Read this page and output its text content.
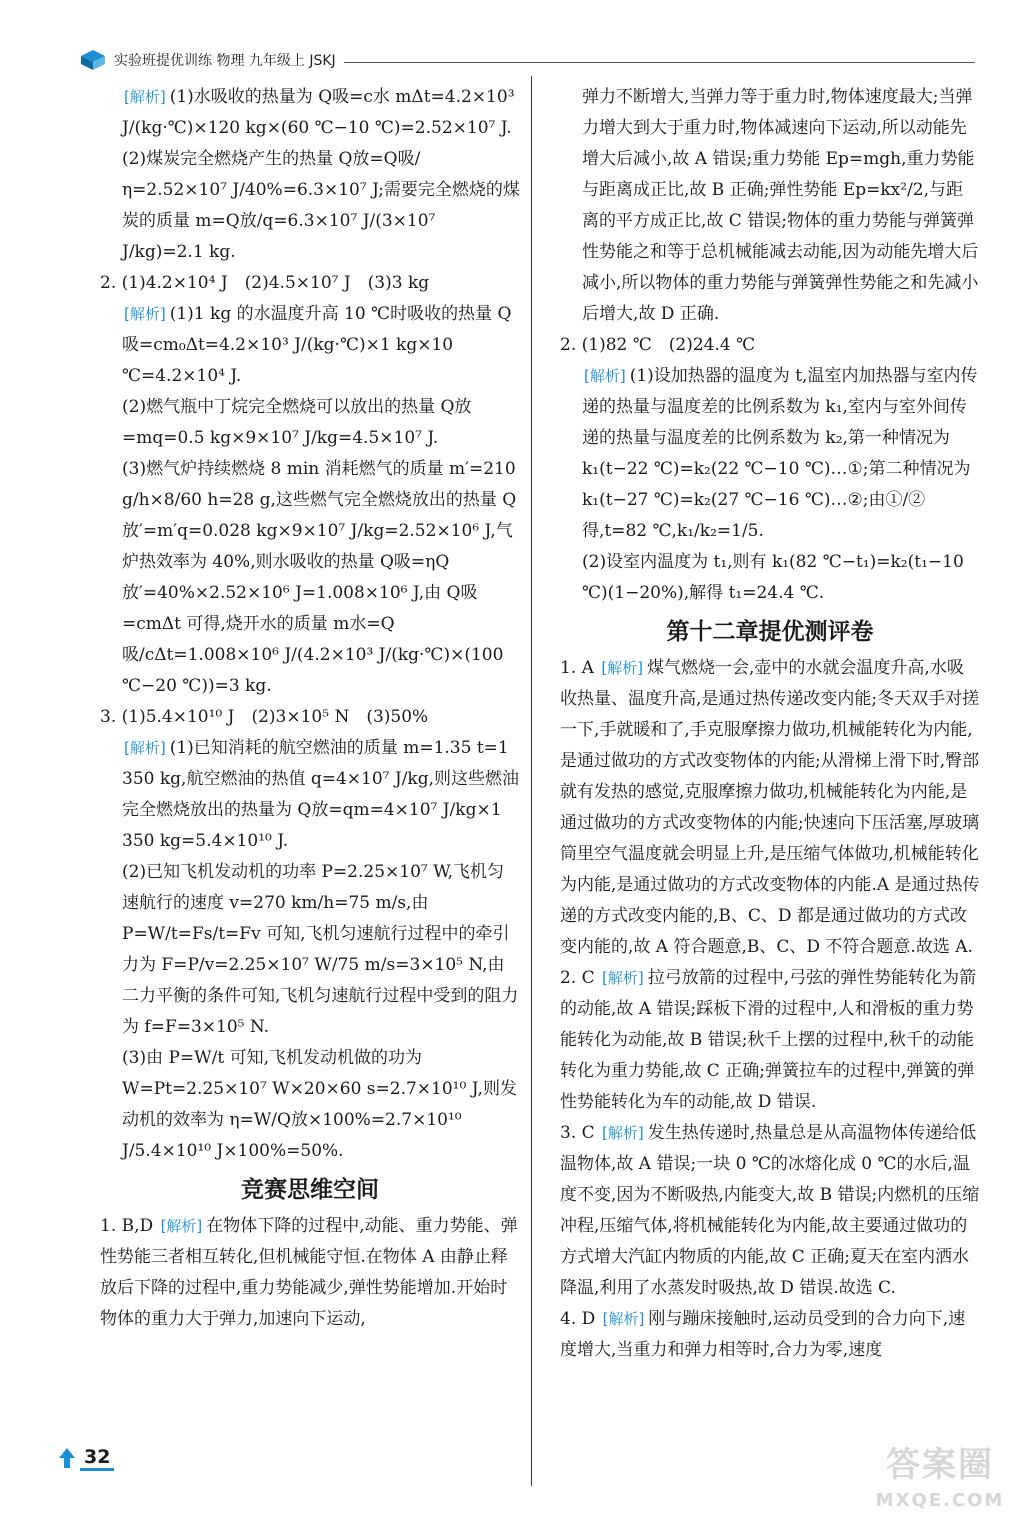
实验班提优训练 物理 九年级上 JSKJ

[解析] (1)水吸收的热量为 Q吸=c水 mΔt=4.2×10³ J/(kg·℃)×120 kg×(60 ℃−10 ℃)=2.52×10⁷ J.

(2)煤炭完全燃烧产生的热量 Q放=Q吸/η=2.52×10⁷ J/40%=6.3×10⁷ J;需要完全燃烧的煤炭的质量 m=Q放/q=6.3×10⁷ J/(3×10⁷ J/kg)=2.1 kg.

2. (1)4.2×10⁴ J　(2)4.5×10⁷ J　(3)3 kg

[解析] (1)1 kg 的水温度升高 10 ℃时吸收的热量 Q吸=cm₀Δt=4.2×10³ J/(kg·℃)×1 kg×10 ℃=4.2×10⁴ J.

(2)燃气瓶中丁烷完全燃烧可以放出的热量 Q放=mq=0.5 kg×9×10⁷ J/kg=4.5×10⁷ J.

(3)燃气炉持续燃烧 8 min 消耗燃气的质量 m′=210 g/h×8/60 h=28 g,这些燃气完全燃烧放出的热量 Q放′=m′q=0.028 kg×9×10⁷ J/kg=2.52×10⁶ J,气炉热效率为 40%,则水吸收的热量 Q吸=ηQ放′=40%×2.52×10⁶ J=1.008×10⁶ J,由 Q吸=cmΔt 可得,烧开水的质量 m水=Q吸/cΔt=1.008×10⁶ J/(4.2×10³ J/(kg·℃)×(100 ℃−20 ℃))=3 kg.

3. (1)5.4×10¹⁰ J　(2)3×10⁵ N　(3)50%

[解析] (1)已知消耗的航空燃油的质量 m=1.35 t=1 350 kg,航空燃油的热值 q=4×10⁷ J/kg,则这些燃油完全燃烧放出的热量为 Q放=qm=4×10⁷ J/kg×1 350 kg=5.4×10¹⁰ J.

(2)已知飞机发动机的功率 P=2.25×10⁷ W,飞机匀速航行的速度 v=270 km/h=75 m/s,由 P=W/t=Fs/t=Fv 可知,飞机匀速航行过程中的牵引力为 F=P/v=2.25×10⁷ W/75 m/s=3×10⁵ N,由二力平衡的条件可知,飞机匀速航行过程中受到的阻力为 f=F=3×10⁵ N.

(3)由 P=W/t 可知,飞机发动机做的功为 W=Pt=2.25×10⁷ W×20×60 s=2.7×10¹⁰ J,则发动机的效率为 η=W/Q放×100%=2.7×10¹⁰ J/5.4×10¹⁰ J×100%=50%.

竞赛思维空间

1. B,D [解析] 在物体下降的过程中,动能、重力势能、弹性势能三者相互转化,但机械能守恒.在物体 A 由静止释放后下降的过程中,重力势能减少,弹性势能增加.开始时物体的重力大于弹力,加速向下运动,

弹力不断增大,当弹力等于重力时,物体速度最大;当弹力增大到大于重力时,物体减速向下运动,所以动能先增大后减小,故 A 错误;重力势能 Ep=mgh,重力势能与距离成正比,故 B 正确;弹性势能 Ep=kx²/2,与距离的平方成正比,故 C 错误;物体的重力势能与弹簧弹性势能之和等于总机械能减去动能,因为动能先增大后减小,所以物体的重力势能与弹簧弹性势能之和先减小后增大,故 D 正确.

2. (1)82 ℃　(2)24.4 ℃

[解析] (1)设加热器的温度为 t,温室内加热器与室内传递的热量与温度差的比例系数为 k₁,室内与室外间传递的热量与温度差的比例系数为 k₂,第一种情况为 k₁(t−22 ℃)=k₂(22 ℃−10 ℃)…①;第二种情况为 k₁(t−27 ℃)=k₂(27 ℃−16 ℃)…②;由①/②得,t=82 ℃,k₁/k₂=1/5.

(2)设室内温度为 t₁,则有 k₁(82 ℃−t₁)=k₂(t₁−10 ℃)(1−20%),解得 t₁=24.4 ℃.

第十二章提优测评卷

1. A [解析] 煤气燃烧一会,壶中的水就会温度升高,水吸收热量、温度升高,是通过热传递改变内能;冬天双手对搓一下,手就暖和了,手克服摩擦力做功,机械能转化为内能,是通过做功的方式改变物体的内能;从滑梯上滑下时,臀部就有发热的感觉,克服摩擦力做功,机械能转化为内能,是通过做功的方式改变物体的内能;快速向下压活塞,厚玻璃筒里空气温度就会明显上升,是压缩气体做功,机械能转化为内能,是通过做功的方式改变物体的内能.A 是通过热传递的方式改变内能的,B、C、D 都是通过做功的方式改变内能的,故 A 符合题意,B、C、D 不符合题意.故选 A.

2. C [解析] 拉弓放箭的过程中,弓弦的弹性势能转化为箭的动能,故 A 错误;踩板下滑的过程中,人和滑板的重力势能转化为动能,故 B 错误;秋千上摆的过程中,秋千的动能转化为重力势能,故 C 正确;弹簧拉车的过程中,弹簧的弹性势能转化为车的动能,故 D 错误.

3. C [解析] 发生热传递时,热量总是从高温物体传递给低温物体,故 A 错误;一块 0 ℃的冰熔化成 0 ℃的水后,温度不变,因为不断吸热,内能变大,故 B 错误;内燃机的压缩冲程,压缩气体,将机械能转化为内能,故主要通过做功的方式增大汽缸内物质的内能,故 C 正确;夏天在室内洒水降温,利用了水蒸发时吸热,故 D 错误.故选 C.

4. D [解析] 刚与蹦床接触时,运动员受到的合力向下,速度增大,当重力和弹力相等时,合力为零,速度

32	答案圈
MXQE.COM
